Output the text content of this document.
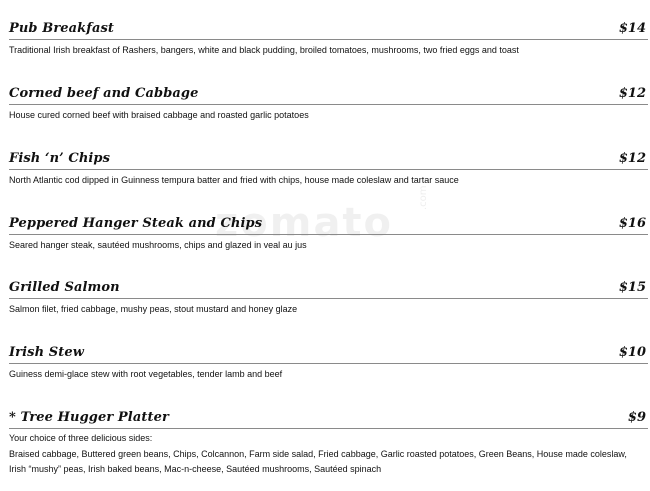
zomato
.com
Pub Breakfast	$14
Traditional Irish breakfast of Rashers, bangers, white and black pudding, broiled tomatoes, mushrooms, two fried eggs and toast
Corned beef and Cabbage	$12
House cured corned beef with braised cabbage and roasted garlic potatoes
Fish ‘n’ Chips	$12
North Atlantic cod dipped in Guinness tempura batter and fried with chips, house made coleslaw and tartar sauce
Peppered Hanger Steak and Chips	$16
Seared hanger steak, sautéed mushrooms, chips and glazed in veal au jus
Grilled Salmon	$15
Salmon filet, fried cabbage, mushy peas, stout mustard and honey glaze
Irish Stew	$10
Guiness demi-glace stew with root vegetables, tender lamb and beef
* Tree Hugger Platter	$9
Your choice of three delicious sides:
Braised cabbage, Buttered green beans, Chips, Colcannon, Farm side salad, Fried cabbage, Garlic roasted potatoes, Green Beans, House made coleslaw,
Irish “mushy” peas, Irish baked beans, Mac-n-cheese, Sautéed mushrooms, Sautéed spinach
